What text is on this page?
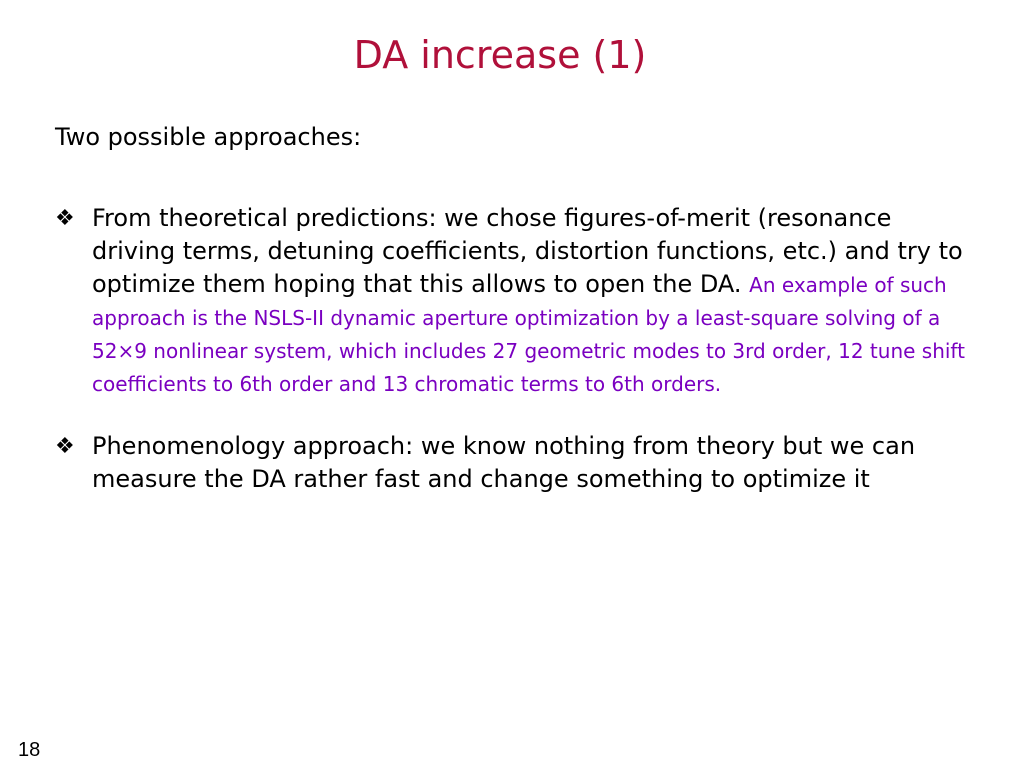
DA increase (1)
Two possible approaches:
❖ From theoretical predictions: we chose figures-of-merit (resonance driving terms, detuning coefficients, distortion functions, etc.) and try to optimize them hoping that this allows to open the DA. An example of such approach is the NSLS-II dynamic aperture optimization by a least-square solving of a 52×9 nonlinear system, which includes 27 geometric modes to 3rd order, 12 tune shift coefficients to 6th order and 13 chromatic terms to 6th orders.
❖ Phenomenology approach: we know nothing from theory but we can measure the DA rather fast and change something to optimize it
18
